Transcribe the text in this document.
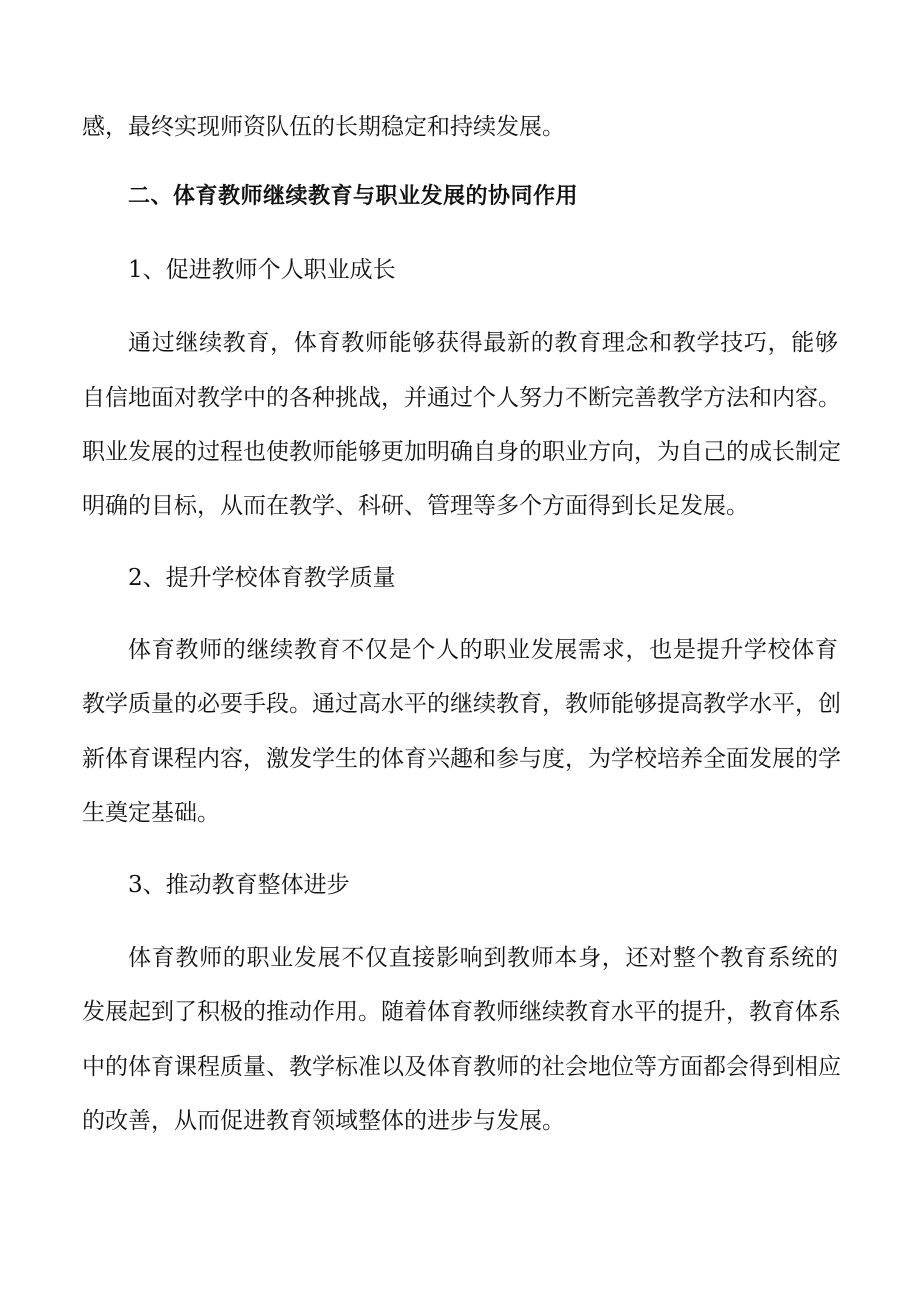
感，最终实现师资队伍的长期稳定和持续发展。
二、体育教师继续教育与职业发展的协同作用
1、促进教师个人职业成长
通过继续教育，体育教师能够获得最新的教育理念和教学技巧，能够
自信地面对教学中的各种挑战，并通过个人努力不断完善教学方法和内容。
职业发展的过程也使教师能够更加明确自身的职业方向，为自己的成长制定
明确的目标，从而在教学、科研、管理等多个方面得到长足发展。
2、提升学校体育教学质量
体育教师的继续教育不仅是个人的职业发展需求，也是提升学校体育
教学质量的必要手段。通过高水平的继续教育，教师能够提高教学水平，创
新体育课程内容，激发学生的体育兴趣和参与度，为学校培养全面发展的学
生奠定基础。
3、推动教育整体进步
体育教师的职业发展不仅直接影响到教师本身，还对整个教育系统的
发展起到了积极的推动作用。随着体育教师继续教育水平的提升，教育体系
中的体育课程质量、教学标准以及体育教师的社会地位等方面都会得到相应
的改善，从而促进教育领域整体的进步与发展。
